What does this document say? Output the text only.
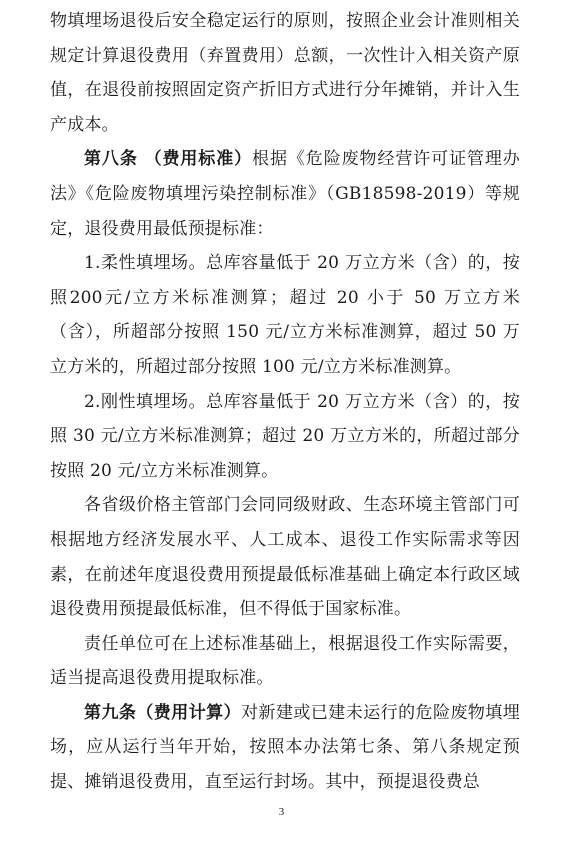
物填埋场退役后安全稳定运行的原则，按照企业会计准则相关规定计算退役费用（弃置费用）总额，一次性计入相关资产原值，在退役前按照固定资产折旧方式进行分年摊销，并计入生产成本。

第八条 （费用标准）根据《危险废物经营许可证管理办法》《危险废物填埋污染控制标准》（GB18598-2019）等规定，退役费用最低预提标准：

1.柔性填埋场。总库容量低于 20 万立方米（含）的，按照200元/立方米标准测算；超过 20 小于 50 万立方米（含），所超部分按照 150 元/立方米标准测算，超过 50 万立方米的，所超过部分按照 100 元/立方米标准测算。

2.刚性填埋场。总库容量低于 20 万立方米（含）的，按照 30 元/立方米标准测算；超过 20 万立方米的，所超过部分按照 20 元/立方米标准测算。

各省级价格主管部门会同同级财政、生态环境主管部门可根据地方经济发展水平、人工成本、退役工作实际需求等因素，在前述年度退役费用预提最低标准基础上确定本行政区域退役费用预提最低标准，但不得低于国家标准。

责任单位可在上述标准基础上，根据退役工作实际需要，适当提高退役费用提取标准。

第九条（费用计算）对新建或已建未运行的危险废物填埋场，应从运行当年开始，按照本办法第七条、第八条规定预提、摊销退役费用，直至运行封场。其中，预提退役费总

3
